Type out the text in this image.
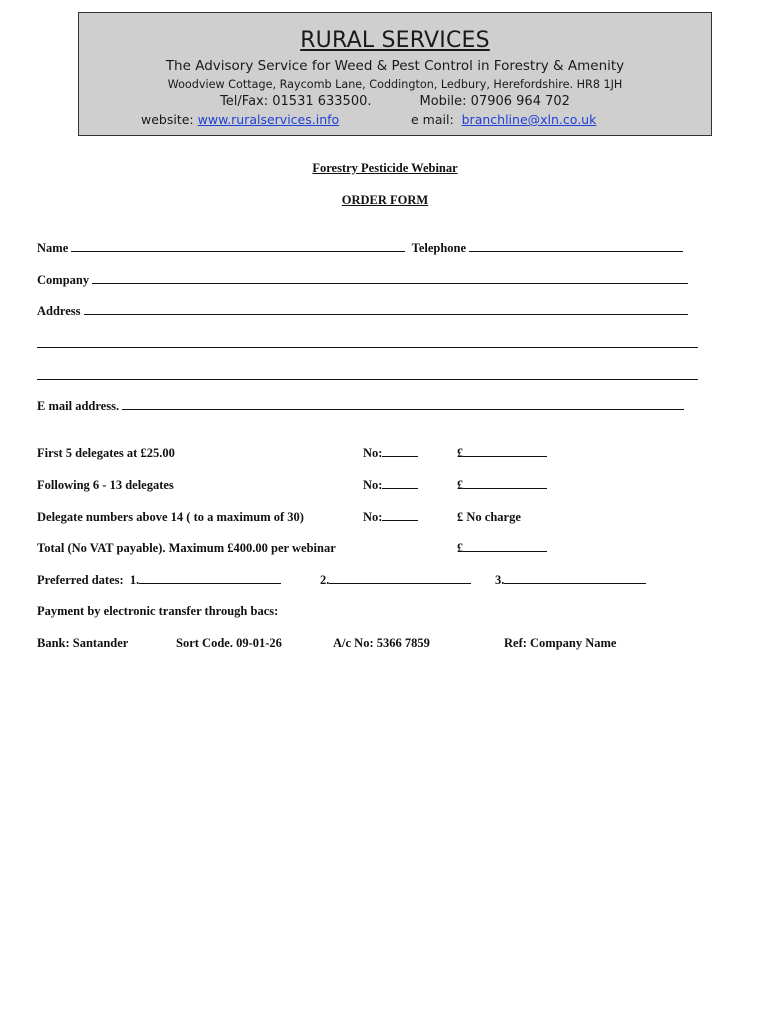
RURAL SERVICES
The Advisory Service for Weed & Pest Control in Forestry & Amenity
Woodview Cottage, Raycomb Lane, Coddington, Ledbury, Herefordshire. HR8 1JH
Tel/Fax: 01531 633500.	Mobile: 07906 964 702
website: www.ruralservices.info	e mail: branchline@xln.co.uk
Forestry Pesticide Webinar
ORDER FORM
Name	Telephone
Company
Address
E mail address.
First 5 delegates at £25.00	No:	£
Following 6 - 13 delegates	No:	£
Delegate numbers above 14 ( to a maximum of 30)	No:	£ No charge
Total (No VAT payable). Maximum £400.00 per webinar	£
Preferred dates: 1.	2.	3.
Payment by electronic transfer through bacs:
Bank: Santander	Sort Code. 09-01-26	A/c No: 5366 7859	Ref: Company Name
